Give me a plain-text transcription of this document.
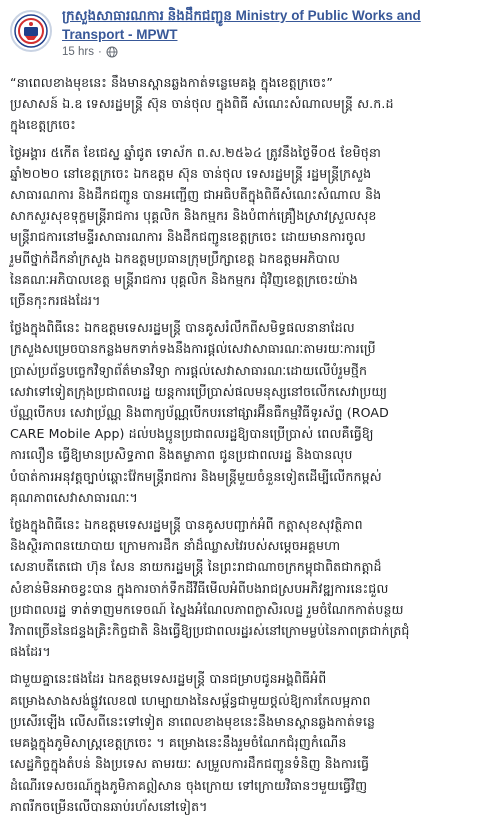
ក្រសួងសាធារណការ និងដឹកជញ្ជូន Ministry of Public Works and
Transport - MPWT
15 hrs ·

“នាពេលខាងមុខនេះ នឹងមានស្ពានឆ្លងកាត់ទន្លេមេគង្គ ក្នុងខេត្តក្រចេះ”
ប្រសាសន៍ ឯ.ឧ ទេសរដ្ឋមន្ត្រី ស៊ុន ចាន់ថុល ក្នុងពិធី សំណេះសំណាលមន្ត្រី ស.ក.ដ
ក្នុងខេត្តក្រចេះ

ថ្ងៃអង្គារ ៥កើត ខែជេស្ឋ ឆ្នាំជូត ទោស័ក ព.ស.២៥៦៤ ត្រូវនឹងថ្ងៃទី០៥ ខែមិថុនា
ឆ្នាំ២០២០ នៅខេត្តក្រចេះ ឯកឧត្តម ស៊ុន ចាន់ថុល ទេសរដ្ឋមន្ត្រី រដ្ឋមន្ត្រីក្រសួង
សាធារណការ និងដឹកជញ្ជូន បានអញ្ជើញ ជាអធិបតីក្នុងពិធីសំណេះសំណាល និង
សាកសួរសុខទុក្ខមន្ត្រីរាជការ បុគ្គលិក និងកម្មករ និងបំពាក់គ្រឿងស្រាវស្រួលសុខ
មន្ត្រីរាជការនៅមន្ទីរសាធារណការ និងដឹកជញ្ជូនខេត្តក្រចេះ ដោយមានការចូល
រួមពីថ្នាក់ដឹកនាំក្រសួង ឯកឧត្តមប្រធានក្រុមប្រឹក្សាខេត្ត ឯកឧត្តមអភិបាល
នៃគណៈអភិបាលខេត្ត មន្ត្រីរាជការ បុគ្គលិក និងកម្មករ ជុំវិញខេត្តក្រចេះយ៉ាង
ច្រើនកុះករផងដែរ។

ថ្លែងក្នុងពិធីនេះ ឯកឧត្តមទេសរដ្ឋមន្ត្រី បានគូសរំលឹកពីសមិទ្ធផលនានាដែល
ក្រសួងសម្រេចបានកន្លងមកទាក់ទងនឹងការផ្តល់សេវាសាធារណៈតាមរយៈការប្រើ
ប្រាស់ប្រព័ន្ធបច្ចេកវិទ្យាព័ត៌មានវិទ្យា ការផ្តល់សេវាសាធារណៈដោយលើបំរួមថ្មីក
សេវាទៅទៀតក្រុងប្រជាពលរដ្ឋ យន្តការប្រើប្រាស់ផលមនុស្សនៅចលើកសេវាប្រយ្យ
ប័ណ្ណបើកបរ សេវាប្រ័ណ្ណ និងពាក្យប័ណ្ណបើកបរនៅផ្សារអ៊ីនធឺកម្មវិធីទូរស័ព្ទ (ROAD
CARE Mobile App) ដល់បងប្អូនប្រជាពលរដ្ឋឱ្យបានប្រើប្រាស់ ពេលគឺធ្វើឱ្យ
ការលឿន ធ្វើឱ្យមានប្រសិទ្ធភាព និងតម្លាភាព ជូនប្រជាពលរដ្ឋ និងបានលុប
បំបាត់ការអនុវត្តច្បាប់ឆ្ពោះវ៉ែកមន្ត្រីរាជការ និងមន្ត្រីមួយចំនួនទៀតដើម្បីលើកកម្ពស់
គុណភាពសេវាសាធារណៈ។

ថ្លែងក្នុងពិធីនេះ ឯកឧត្តមទេសរដ្ឋមន្ត្រី បានគូសបញ្ជាក់អំពី កត្តាសុខសុវត្ថិភាព
និងស្ថិរភាពនយោបាយ ក្រោមការដឹក នាំដ៏ឈ្លាសវៃរបស់សម្តេចអគ្គមហា
សេនាបតីតេជោ ហ៊ុន សែន នាយករដ្ឋមន្ត្រី នៃព្រះរាជាណាចក្រកម្ពុជាពិតជាកត្តាដ៏
សំខាន់មិនអាចខ្វះបាន ក្នុងការចាក់ទឹកដីវីធីមើលអំពីបងរាជស្របអភិវឌ្ឍការនេះជួល
ប្រជាពលរដ្ឋ ទាត់ទាញមកទេចណ៍ ស្នៃងអំណែលភាពក្លាសិរលដ្ឋ រួមចំណែកកាត់បន្ថយ
វិភាពច្រើននៃជន្ទងគ្រិះកិច្ចជាតិ និងធ្វើឱ្យប្រជាពលរដ្ឋរស់នៅក្រោមម្លប់នៃភាពត្រជាក់ត្រជុំ
ផងដែរ។

ជាមួយគ្នានេះផងដែរ ឯកឧត្តមទេសរដ្ឋមន្ត្រី បានជម្រាបជូនអង្គពិធីអំពី
គម្រោងសាងសង់ផ្លូវលេខ៧ ហេម្បាយាងនៃសម្ព័ន្ធជាមួយថ្ដល់ឱ្យការកែលម្អភាព
ប្រសើរឡើង លើសពីនេះទៅទៀត នាពេលខាងមុខនេះនឹងមានស្ពានឆ្លងកាត់ទន្លេ
មេគង្គក្នុងភូមិសាស្ត្រខេត្តក្រចេះ ។ គម្រោងនេះនឹងរួមចំណែកជំរុញកំណើន
សេដ្ឋកិច្ចក្នុងតំបន់ និងប្រទេស តាមរយៈ សម្រួលការដឹកជញ្ជូនទំនិញ និងការធ្វើ
ដំណើរទេសចរណ៍ក្នុងភូមិភាគឦសាន ចុងក្រោយ ទៅក្រោយវិធានៗមួយធ្វើវិញ
ភាពរីកចម្រើនលើបានឆាប់រហ័សនៅទៀត។
